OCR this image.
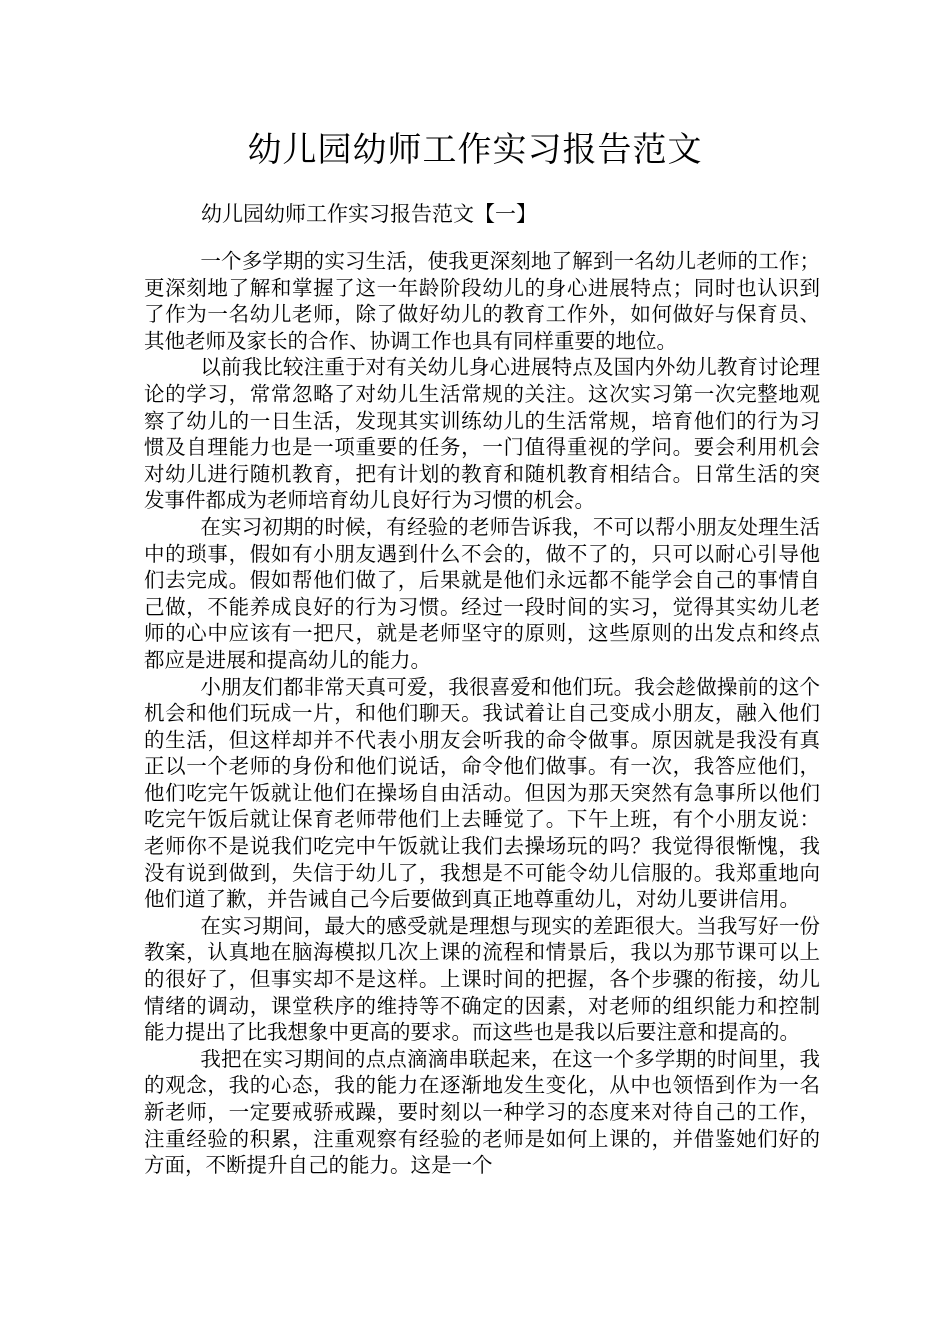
幼儿园幼师工作实习报告范文

幼儿园幼师工作实习报告范文【一】

一个多学期的实习生活，使我更深刻地了解到一名幼儿老师的工作；更深刻地了解和掌握了这一年龄阶段幼儿的身心进展特点；同时也认识到了作为一名幼儿老师，除了做好幼儿的教育工作外，如何做好与保育员、其他老师及家长的合作、协调工作也具有同样重要的地位。

以前我比较注重于对有关幼儿身心进展特点及国内外幼儿教育讨论理论的学习，常常忽略了对幼儿生活常规的关注。这次实习第一次完整地观察了幼儿的一日生活，发现其实训练幼儿的生活常规，培育他们的行为习惯及自理能力也是一项重要的任务，一门值得重视的学问。要会利用机会对幼儿进行随机教育，把有计划的教育和随机教育相结合。日常生活的突发事件都成为老师培育幼儿良好行为习惯的机会。

在实习初期的时候，有经验的老师告诉我，不可以帮小朋友处理生活中的琐事，假如有小朋友遇到什么不会的，做不了的，只可以耐心引导他们去完成。假如帮他们做了，后果就是他们永远都不能学会自己的事情自己做，不能养成良好的行为习惯。经过一段时间的实习，觉得其实幼儿老师的心中应该有一把尺，就是老师坚守的原则，这些原则的出发点和终点都应是进展和提高幼儿的能力。

小朋友们都非常天真可爱，我很喜爱和他们玩。我会趁做操前的这个机会和他们玩成一片，和他们聊天。我试着让自己变成小朋友，融入他们的生活，但这样却并不代表小朋友会听我的命令做事。原因就是我没有真正以一个老师的身份和他们说话，命令他们做事。有一次，我答应他们，他们吃完午饭就让他们在操场自由活动。但因为那天突然有急事所以他们吃完午饭后就让保育老师带他们上去睡觉了。下午上班，有个小朋友说：老师你不是说我们吃完中午饭就让我们去操场玩的吗？我觉得很惭愧，我没有说到做到，失信于幼儿了，我想是不可能令幼儿信服的。我郑重地向他们道了歉，并告诫自己今后要做到真正地尊重幼儿，对幼儿要讲信用。

在实习期间，最大的感受就是理想与现实的差距很大。当我写好一份教案，认真地在脑海模拟几次上课的流程和情景后，我以为那节课可以上的很好了，但事实却不是这样。上课时间的把握，各个步骤的衔接，幼儿情绪的调动，课堂秩序的维持等不确定的因素，对老师的组织能力和控制能力提出了比我想象中更高的要求。而这些也是我以后要注意和提高的。

我把在实习期间的点点滴滴串联起来，在这一个多学期的时间里，我的观念，我的心态，我的能力在逐渐地发生变化，从中也领悟到作为一名新老师，一定要戒骄戒躁，要时刻以一种学习的态度来对待自己的工作，注重经验的积累，注重观察有经验的老师是如何上课的，并借鉴她们好的方面，不断提升自己的能力。这是一个
